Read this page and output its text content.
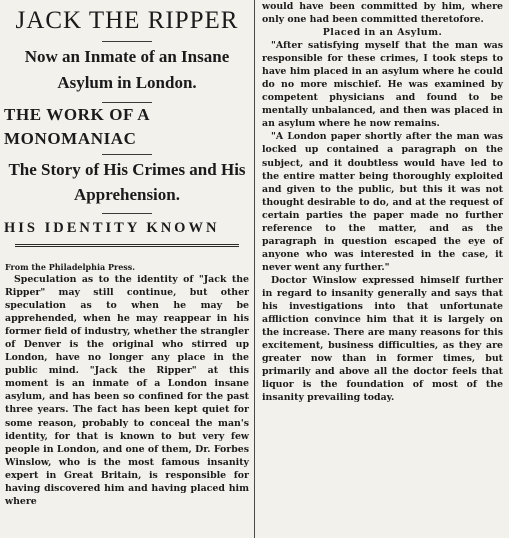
JACK THE RIPPER
Now an Inmate of an Insane Asylum in London.
THE WORK OF A MONOMANIAC
The Story of His Crimes and His Apprehension.
HIS IDENTITY KNOWN

From the Philadelphia Press.

Speculation as to the identity of "Jack the Ripper" may still continue, but other speculation as to when he may be apprehended, when he may reappear in his former field of industry, whether the strangler of Denver is the original who stirred up London, have no longer any place in the public mind. "Jack the Ripper" at this moment is an inmate of a London insane asylum, and has been so confined for the past three years. The fact has been kept quiet for some reason, probably to conceal the man's identity, for that is known to but very few people in London, and one of them, Dr. Forbes Winslow, who is the most famous insanity expert in Great Britain, is responsible for having discovered him and having placed him where

would have been committed by him, where only one had been committed theretofore.

Placed in an Asylum.

"After satisfying myself that the man was responsible for these crimes, I took steps to have him placed in an asylum where he could do no more mischief. He was examined by competent physicians and found to be mentally unbalanced, and then was placed in an asylum where he now remains.

"A London paper shortly after the man was locked up contained a paragraph on the subject, and it doubtless would have led to the entire matter being thoroughly exploited and given to the public, but this it was not thought desirable to do, and at the request of certain parties the paper made no further reference to the matter, and as the paragraph in question escaped the eye of anyone who was interested in the case, it never went any further."

Doctor Winslow expressed himself further in regard to insanity generally and says that his investigations into that unfortunate affliction convince him that it is largely on the increase. There are many reasons for this excitement, business difficulties, as they are greater now than in former times, but primarily and above all the doctor feels that liquor is the foundation of most of the insanity prevailing today.
